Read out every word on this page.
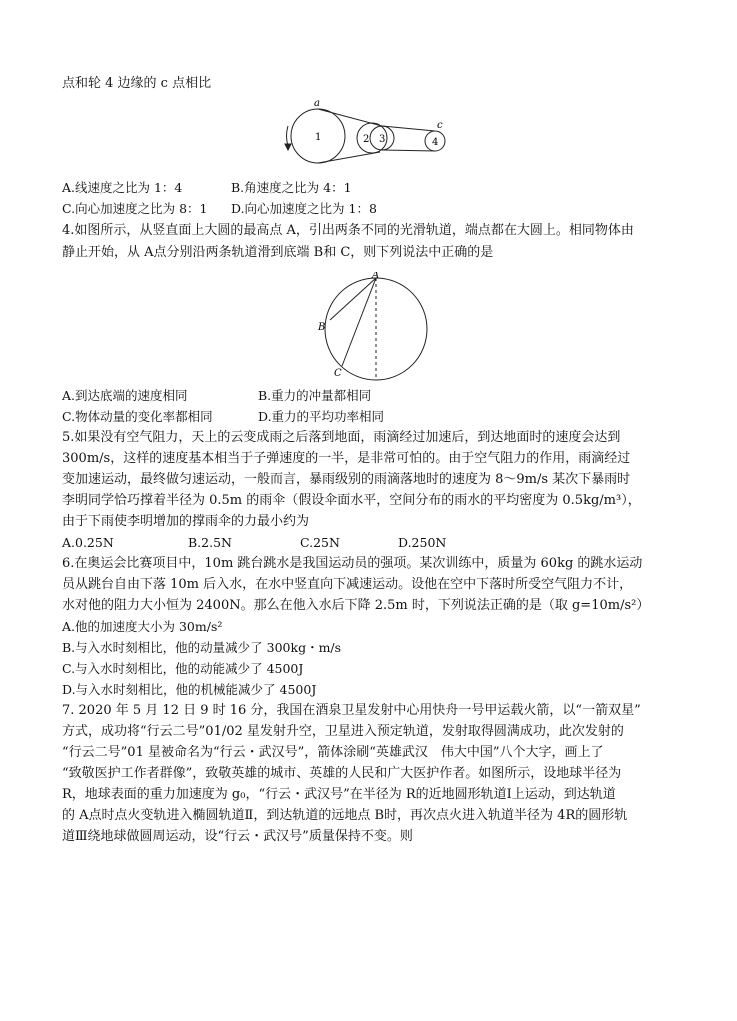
点和轮 4 边缘的 c 点相比
a
1	2 3	4
c
A.线速度之比为 1：4	B.角速度之比为 4：1
C.向心加速度之比为 8：1 D.向心加速度之比为 1：8
4.如图所示，从竖直面上大圆的最高点 A，引出两条不同的光滑轨道，端点都在大圆上。相同物体由
静止开始，从 A点分别沿两条轨道滑到底端 B和 C，则下列说法中正确的是
A
B
C
A.到达底端的速度相同	B.重力的冲量都相同
C.物体动量的变化率都相同	D.重力的平均功率相同
5.如果没有空气阻力，天上的云变成雨之后落到地面，雨滴经过加速后，到达地面时的速度会达到
300m/s，这样的速度基本相当于子弹速度的一半，是非常可怕的。由于空气阻力的作用，雨滴经过
变加速运动，最终做匀速运动，一般而言，暴雨级别的雨滴落地时的速度为 8～9m/s 某次下暴雨时
李明同学恰巧撑着半径为 0.5m 的雨伞（假设伞面水平，空间分布的雨水的平均密度为 0.5kg/m³），
由于下雨使李明增加的撑雨伞的力最小约为
A.0.25N	B.2.5N	C.25N	D.250N
6.在奥运会比赛项目中，10m 跳台跳水是我国运动员的强项。某次训练中，质量为 60kg 的跳水运动
员从跳台自由下落 10m 后入水，在水中竖直向下减速运动。设他在空中下落时所受空气阻力不计，
水对他的阻力大小恒为 2400N。那么在他入水后下降 2.5m 时，下列说法正确的是（取 g=10m/s²）
A.他的加速度大小为 30m/s²
B.与入水时刻相比，他的动量减少了 300kg・m/s
C.与入水时刻相比，他的动能减少了 4500J
D.与入水时刻相比，他的机械能减少了 4500J
7. 2020 年 5 月 12 日 9 时 16 分，我国在酒泉卫星发射中心用快舟一号甲运载火箭，以“一箭双星”
方式，成功将“行云二号”01/02 星发射升空，卫星进入预定轨道，发射取得圆满成功，此次发射的
“行云二号”01 星被命名为“行云・武汉号”，箭体涂刷“英雄武汉　伟大中国”八个大字，画上了
“致敬医护工作者群像”，致敬英雄的城市、英雄的人民和广大医护作者。如图所示，设地球半径为
R，地球表面的重力加速度为 g₀，“行云・武汉号”在半径为 R的近地圆形轨道Ⅰ上运动，到达轨道
的 A点时点火变轨进入椭圆轨道Ⅱ，到达轨道的远地点 B时，再次点火进入轨道半径为 4R的圆形轨
道Ⅲ绕地球做圆周运动，设“行云・武汉号”质量保持不变。则
